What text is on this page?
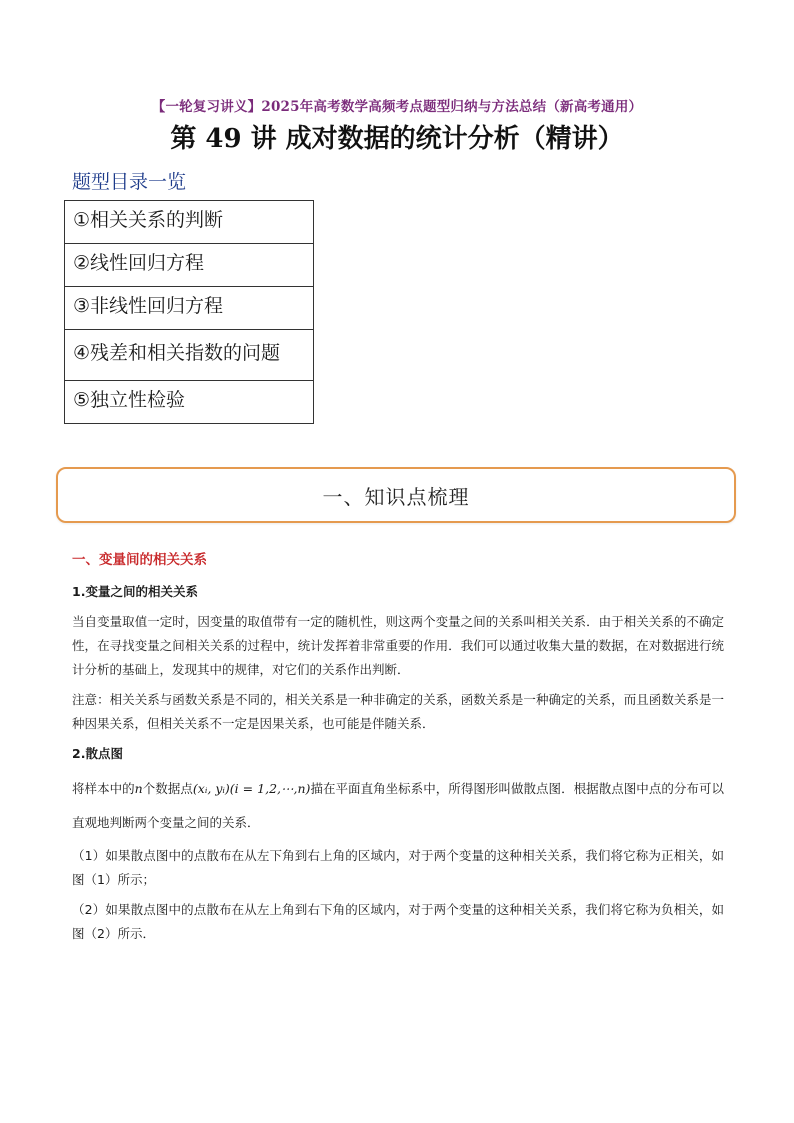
【一轮复习讲义】2025年高考数学高频考点题型归纳与方法总结（新高考通用）
第 49 讲 成对数据的统计分析（精讲）
题型目录一览
①相关关系的判断
②线性回归方程
③非线性回归方程
④残差和相关指数的问题
⑤独立性检验
一、知识点梳理
一、变量间的相关关系
1.变量之间的相关关系

当自变量取值一定时，因变量的取值带有一定的随机性，则这两个变量之间的关系叫相关关系．由于相关关系的不确定性，在寻找变量之间相关关系的过程中，统计发挥着非常重要的作用．我们可以通过收集大量的数据，在对数据进行统计分析的基础上，发现其中的规律，对它们的关系作出判断．

注意：相关关系与函数关系是不同的，相关关系是一种非确定的关系，函数关系是一种确定的关系，而且函数关系是一种因果关系，但相关关系不一定是因果关系，也可能是伴随关系．

2.散点图

将样本中的n个数据点(xᵢ, yᵢ)(i = 1,2,⋯,n)描在平面直角坐标系中，所得图形叫做散点图．根据散点图中点的分布可以直观地判断两个变量之间的关系．

（1）如果散点图中的点散布在从左下角到右上角的区域内，对于两个变量的这种相关关系，我们将它称为正相关，如图（1）所示；

（2）如果散点图中的点散布在从左上角到右下角的区域内，对于两个变量的这种相关关系，我们将它称为负相关，如图（2）所示．
